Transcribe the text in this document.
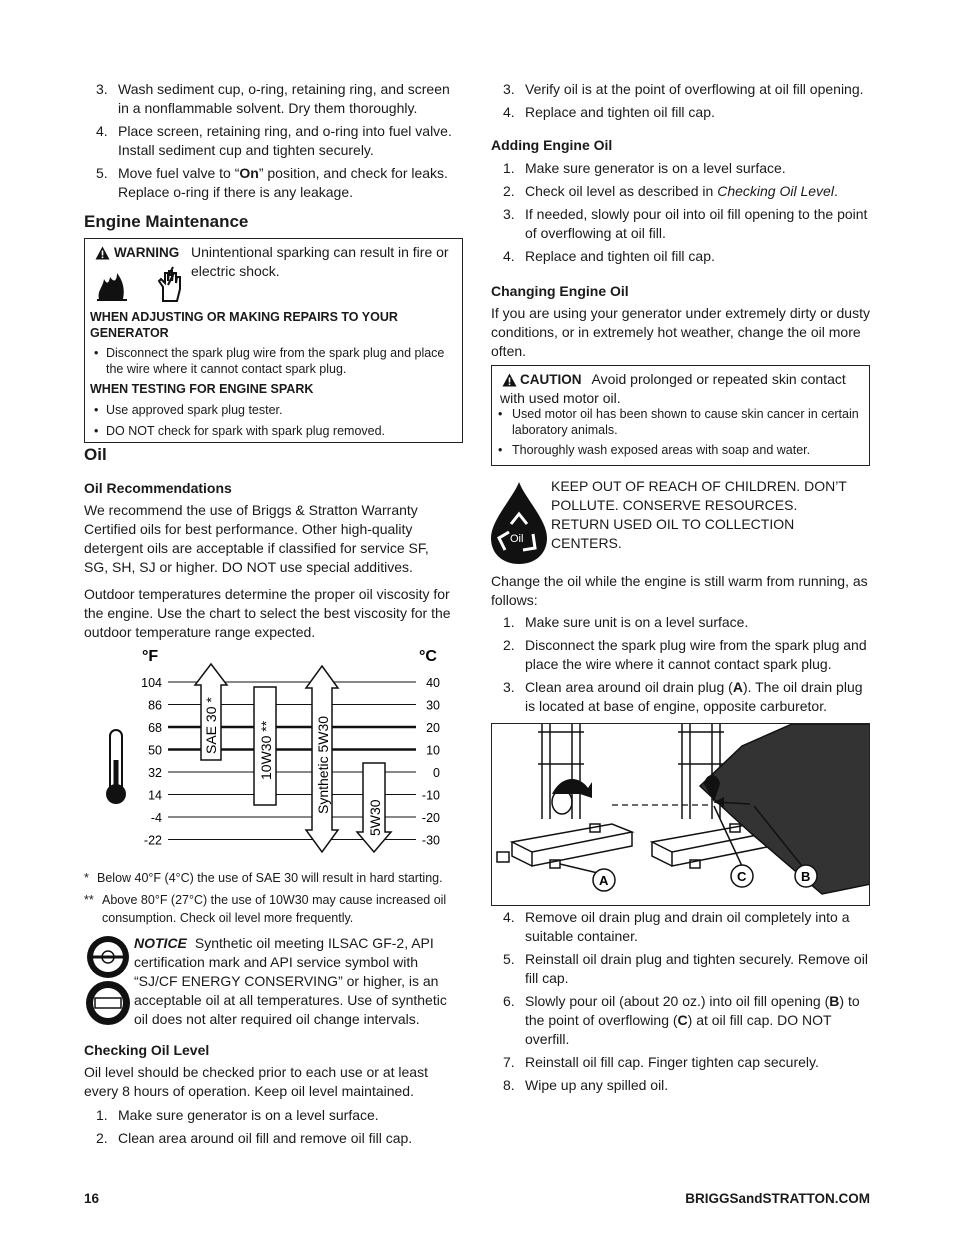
3. Wash sediment cup, o-ring, retaining ring, and screen in a nonflammable solvent. Dry them thoroughly.
4. Place screen, retaining ring, and o-ring into fuel valve. Install sediment cup and tighten securely.
5. Move fuel valve to “On” position, and check for leaks. Replace o-ring if there is any leakage.
Engine Maintenance
WARNING Unintentional sparking can result in fire or electric shock.
WHEN ADJUSTING OR MAKING REPAIRS TO YOUR GENERATOR
• Disconnect the spark plug wire from the spark plug and place the wire where it cannot contact spark plug.
WHEN TESTING FOR ENGINE SPARK
• Use approved spark plug tester.
• DO NOT check for spark with spark plug removed.
Oil
Oil Recommendations
We recommend the use of Briggs & Stratton Warranty Certified oils for best performance. Other high-quality detergent oils are acceptable if classified for service SF, SG, SH, SJ or higher. DO NOT use special additives.
Outdoor temperatures determine the proper oil viscosity for the engine. Use the chart to select the best viscosity for the outdoor temperature range expected.
104
86
68
50
32
14
-4
-22
40
30
20
10
0
-10
-20
-30
°F	°C
SAE 30 *	10W30 **	Synthetic 5W30
5W30
* Below 40°F (4°C) the use of SAE 30 will result in hard starting.
** Above 80°F (27°C) the use of 10W30 may cause increased oil consumption. Check oil level more frequently.
NOTICE Synthetic oil meeting ILSAC GF-2, API certification mark and API service symbol with “SJ/CF ENERGY CONSERVING” or higher, is an acceptable oil at all temperatures. Use of synthetic oil does not alter required oil change intervals.
Checking Oil Level
Oil level should be checked prior to each use or at least every 8 hours of operation. Keep oil level maintained.
1. Make sure generator is on a level surface.
2. Clean area around oil fill and remove oil fill cap.
3. Verify oil is at the point of overflowing at oil fill opening.
4. Replace and tighten oil fill cap.
Adding Engine Oil
1. Make sure generator is on a level surface.
2. Check oil level as described in Checking Oil Level.
3. If needed, slowly pour oil into oil fill opening to the point of overflowing at oil fill.
4. Replace and tighten oil fill cap.
Changing Engine Oil
If you are using your generator under extremely dirty or dusty conditions, or in extremely hot weather, change the oil more often.
CAUTION Avoid prolonged or repeated skin contact with used motor oil.
• Used motor oil has been shown to cause skin cancer in certain laboratory animals.
• Thoroughly wash exposed areas with soap and water.
Oil
KEEP OUT OF REACH OF CHILDREN. DON’T POLLUTE. CONSERVE RESOURCES. RETURN USED OIL TO COLLECTION CENTERS.
Change the oil while the engine is still warm from running, as follows:
1. Make sure unit is on a level surface.
2. Disconnect the spark plug wire from the spark plug and place the wire where it cannot contact spark plug.
3. Clean area around oil drain plug (A). The oil drain plug is located at base of engine, opposite carburetor.
A	C	B
4. Remove oil drain plug and drain oil completely into a suitable container.
5. Reinstall oil drain plug and tighten securely. Remove oil fill cap.
6. Slowly pour oil (about 20 oz.) into oil fill opening (B) to the point of overflowing (C) at oil fill cap. DO NOT overfill.
7. Reinstall oil fill cap. Finger tighten cap securely.
8. Wipe up any spilled oil.
16	BRIGGSandSTRATTON.COM
